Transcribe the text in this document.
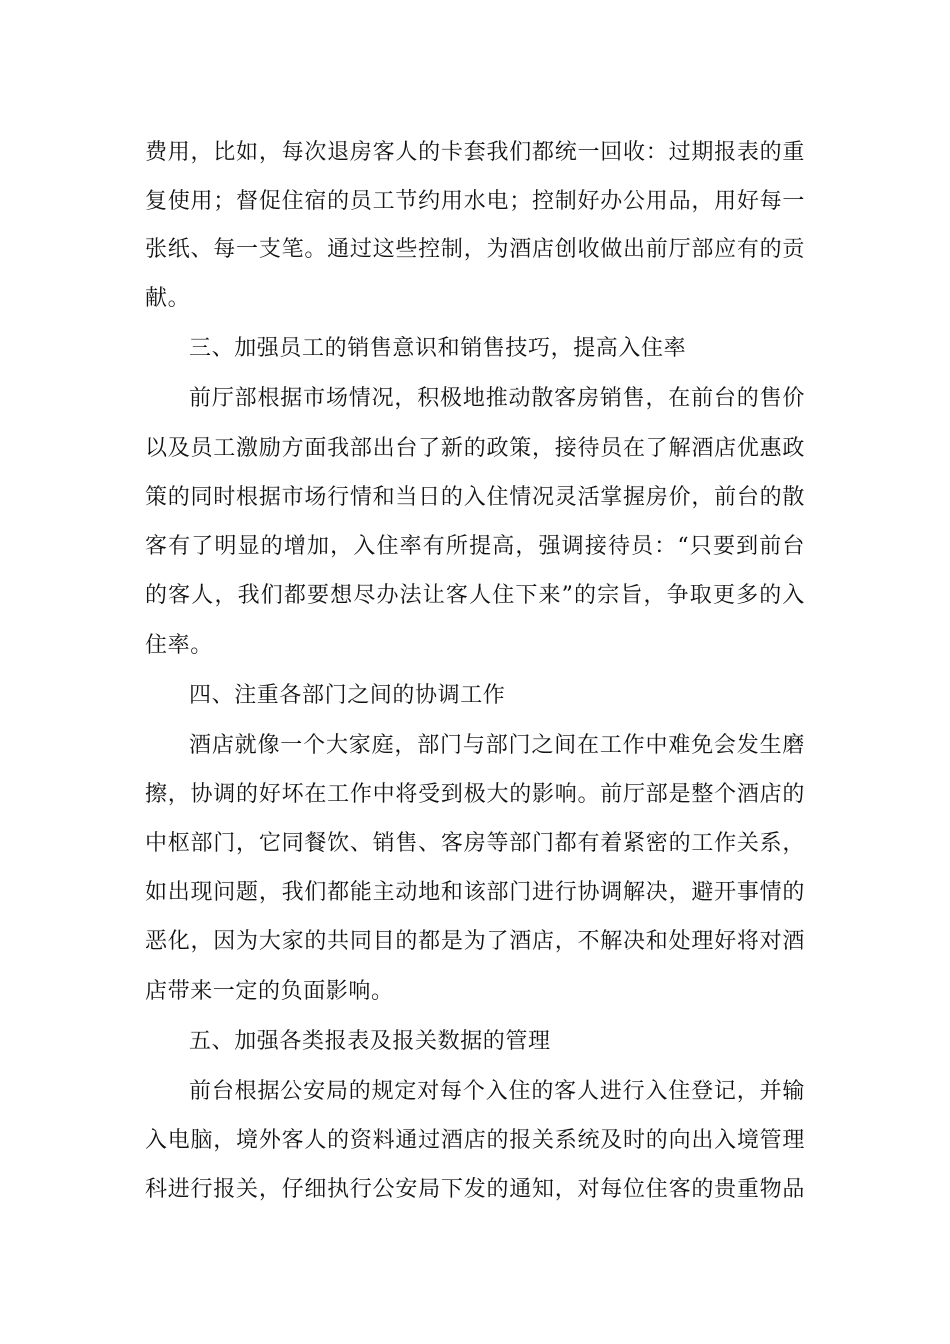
费用，比如，每次退房客人的卡套我们都统一回收：过期报表的重
复使用；督促住宿的员工节约用水电；控制好办公用品，用好每一
张纸、每一支笔。通过这些控制，为酒店创收做出前厅部应有的贡
献。
三、加强员工的销售意识和销售技巧，提高入住率
前厅部根据市场情况，积极地推动散客房销售，在前台的售价
以及员工激励方面我部出台了新的政策，接待员在了解酒店优惠政
策的同时根据市场行情和当日的入住情况灵活掌握房价，前台的散
客有了明显的增加，入住率有所提高，强调接待员：“只要到前台
的客人，我们都要想尽办法让客人住下来”的宗旨，争取更多的入
住率。
四、注重各部门之间的协调工作
酒店就像一个大家庭，部门与部门之间在工作中难免会发生磨
擦，协调的好坏在工作中将受到极大的影响。前厅部是整个酒店的
中枢部门，它同餐饮、销售、客房等部门都有着紧密的工作关系，
如出现问题，我们都能主动地和该部门进行协调解决，避开事情的
恶化，因为大家的共同目的都是为了酒店，不解决和处理好将对酒
店带来一定的负面影响。
五、加强各类报表及报关数据的管理
前台根据公安局的规定对每个入住的客人进行入住登记，并输
入电脑，境外客人的资料通过酒店的报关系统及时的向出入境管理
科进行报关，仔细执行公安局下发的通知，对每位住客的贵重物品
